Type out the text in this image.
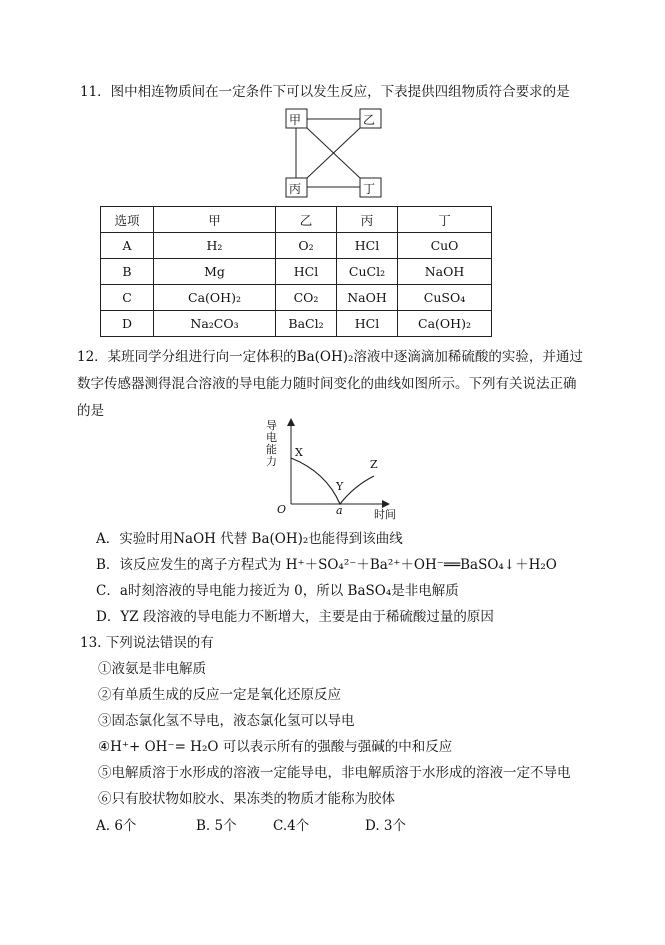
11．图中相连物质间在一定条件下可以发生反应，下表提供四组物质符合要求的是
甲	乙
丙	丁
选项	甲	乙	丙	丁
A	H₂	O₂	HCl	CuO
B	Mg	HCl	CuCl₂	NaOH
C	Ca(OH)₂	CO₂	NaOH	CuSO₄
D	Na₂CO₃	BaCl₂	HCl	Ca(OH)₂
12．某班同学分组进行向一定体积的Ba(OH)₂溶液中逐滴滴加稀硫酸的实验，并通过
数字传感器测得混合溶液的导电能力随时间变化的曲线如图所示。下列有关说法正确
的是
导电能力
时间
O	a
X
Y
Z
A．实验时用NaOH 代替 Ba(OH)₂也能得到该曲线
B．该反应发生的离子方程式为 H⁺＋SO₄²⁻＋Ba²⁺＋OH⁻══BaSO₄↓＋H₂O
C．a时刻溶液的导电能力接近为 0，所以 BaSO₄是非电解质
D．YZ 段溶液的导电能力不断增大，主要是由于稀硫酸过量的原因
13. 下列说法错误的有
①液氨是非电解质
②有单质生成的反应一定是氧化还原反应
③固态氯化氢不导电，液态氯化氢可以导电
④H⁺+ OH⁻= H₂O 可以表示所有的强酸与强碱的中和反应
⑤电解质溶于水形成的溶液一定能导电，非电解质溶于水形成的溶液一定不导电
⑥只有胶状物如胶水、果冻类的物质才能称为胶体
A. 6个	B. 5个	C.4个	D. 3个
